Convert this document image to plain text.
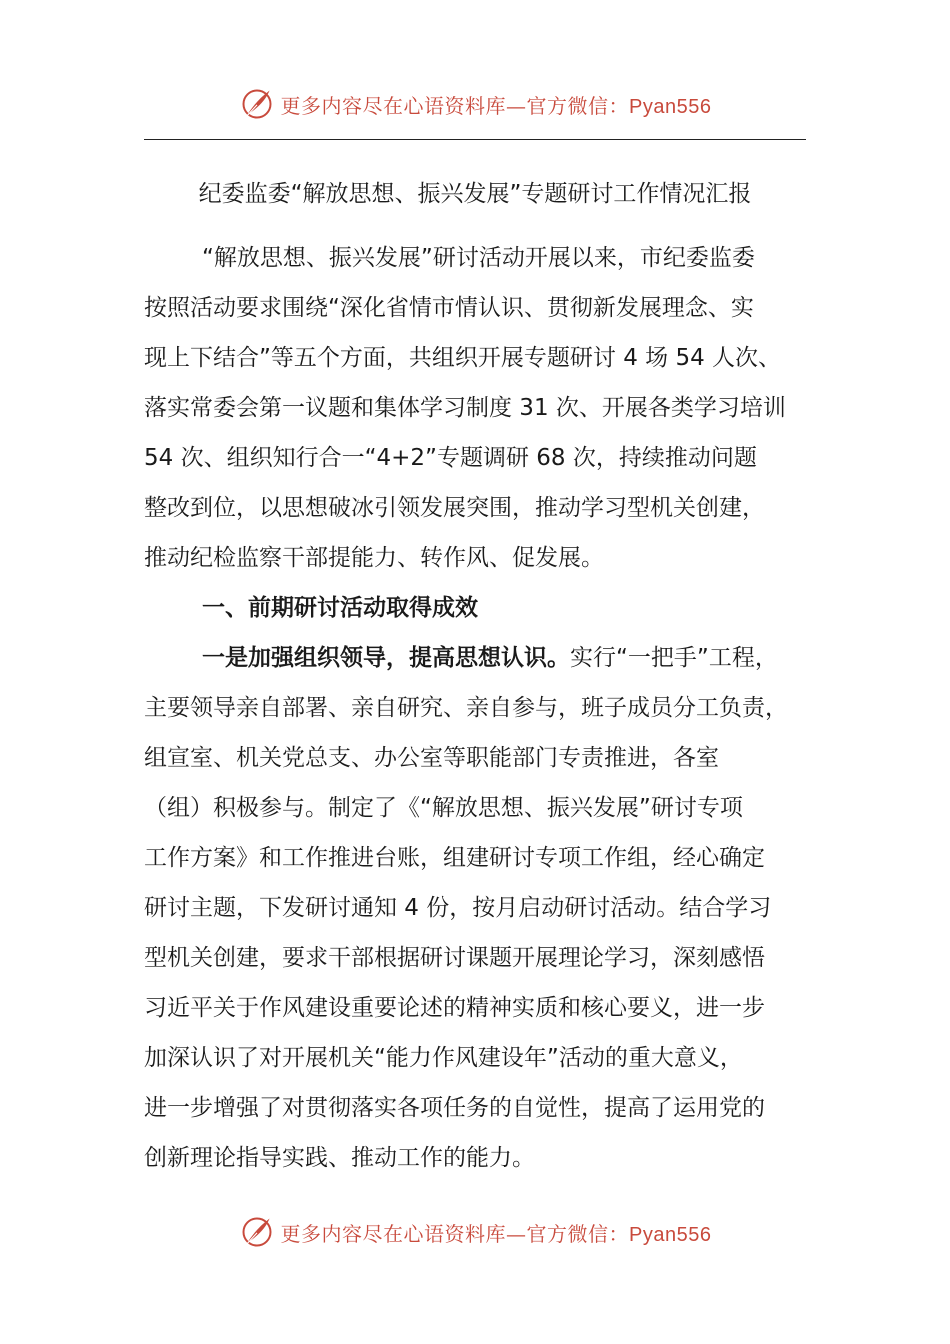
更多内容尽在心语资料库—官方微信：Pyan556
纪委监委“解放思想、振兴发展”专题研讨工作情况汇报
“解放思想、振兴发展”研讨活动开展以来，市纪委监委
按照活动要求围绕“深化省情市情认识、贯彻新发展理念、实
现上下结合”等五个方面，共组织开展专题研讨 4 场 54 人次、
落实常委会第一议题和集体学习制度 31 次、开展各类学习培训
54 次、组织知行合一“4+2”专题调研 68 次，持续推动问题
整改到位，以思想破冰引领发展突围，推动学习型机关创建，
推动纪检监察干部提能力、转作风、促发展。
一、前期研讨活动取得成效
一是加强组织领导，提高思想认识。实行“一把手”工程，
主要领导亲自部署、亲自研究、亲自参与，班子成员分工负责，
组宣室、机关党总支、办公室等职能部门专责推进，各室
（组）积极参与。制定了《“解放思想、振兴发展”研讨专项
工作方案》和工作推进台账，组建研讨专项工作组，经心确定
研讨主题，下发研讨通知 4 份，按月启动研讨活动。结合学习
型机关创建，要求干部根据研讨课题开展理论学习，深刻感悟
习近平关于作风建设重要论述的精神实质和核心要义，进一步
加深认识了对开展机关“能力作风建设年”活动的重大意义，
进一步增强了对贯彻落实各项任务的自觉性，提高了运用党的
创新理论指导实践、推动工作的能力。
更多内容尽在心语资料库—官方微信：Pyan556
